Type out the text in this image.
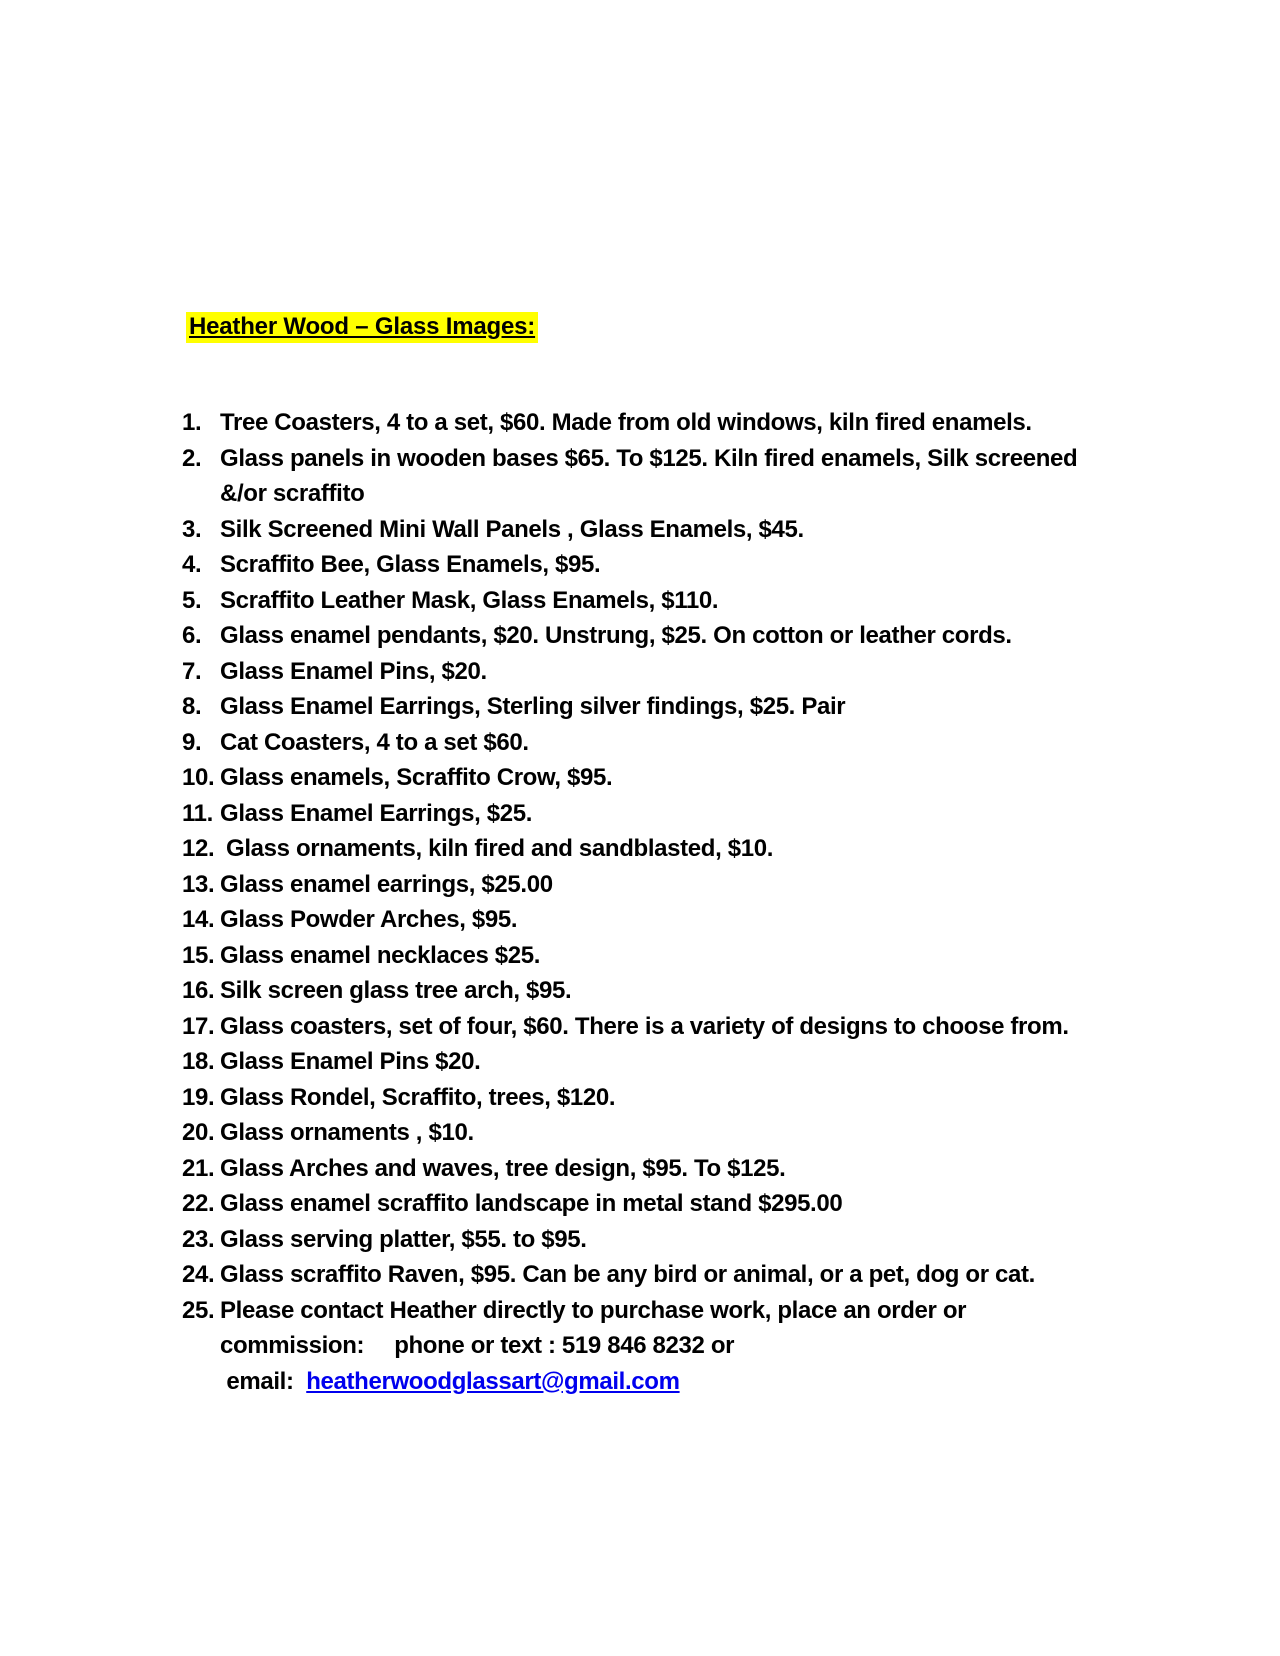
Heather Wood – Glass Images:
1. Tree Coasters, 4 to a set, $60. Made from old windows, kiln fired enamels.
2. Glass panels in wooden bases $65. To $125. Kiln fired enamels, Silk screened
&/or scraffito
3. Silk Screened Mini Wall Panels , Glass Enamels, $45.
4. Scraffito Bee, Glass Enamels, $95.
5. Scraffito Leather Mask, Glass Enamels, $110.
6. Glass enamel pendants, $20. Unstrung, $25. On cotton or leather cords.
7. Glass Enamel Pins, $20.
8. Glass Enamel Earrings, Sterling silver findings, $25. Pair
9. Cat Coasters, 4 to a set $60.
10. Glass enamels, Scraffito Crow, $95.
11. Glass Enamel Earrings, $25.
12. Glass ornaments, kiln fired and sandblasted, $10.
13. Glass enamel earrings, $25.00
14. Glass Powder Arches, $95.
15. Glass enamel necklaces $25.
16. Silk screen glass tree arch, $95.
17. Glass coasters, set of four, $60. There is a variety of designs to choose from.
18. Glass Enamel Pins $20.
19. Glass Rondel, Scraffito, trees, $120.
20. Glass ornaments , $10.
21. Glass Arches and waves, tree design, $95. To $125.
22. Glass enamel scraffito landscape in metal stand $295.00
23. Glass serving platter, $55. to $95.
24. Glass scraffito Raven, $95. Can be any bird or animal, or a pet, dog or cat.
25. Please contact Heather directly to purchase work, place an order or
commission: phone or text : 519 846 8232 or
email: heatherwoodglassart@gmail.com
